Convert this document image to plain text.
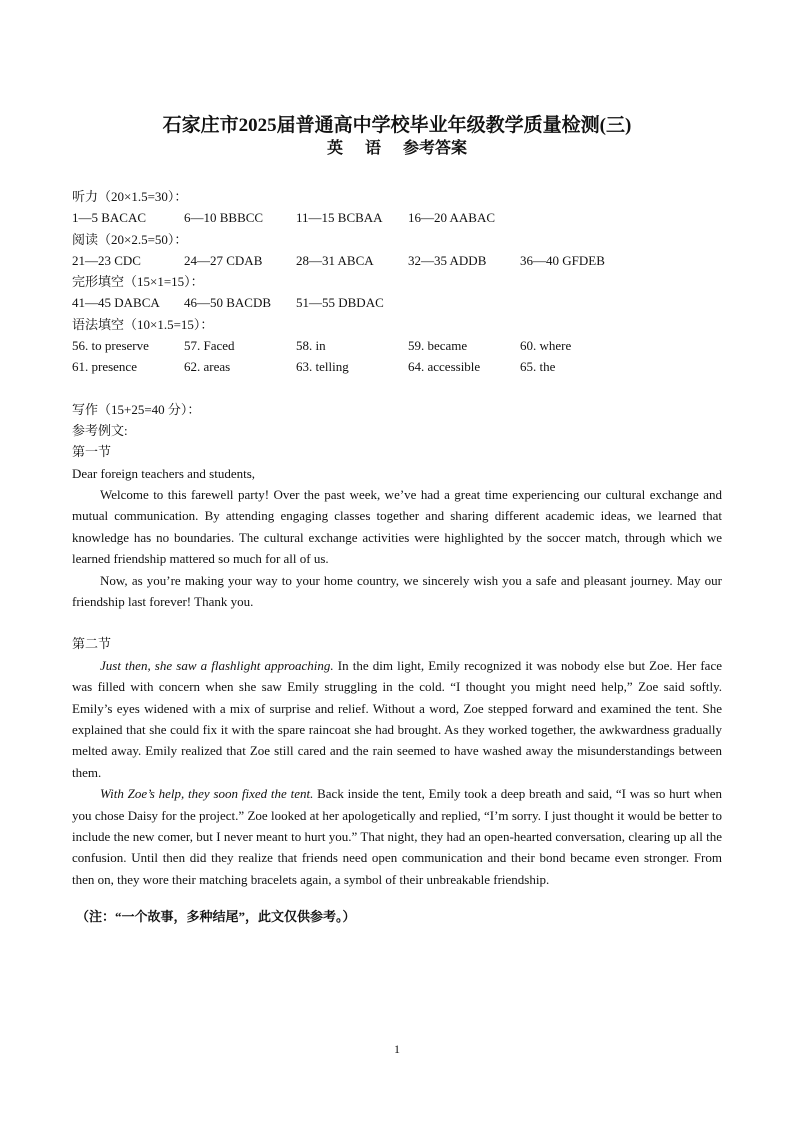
石家庄市2025届普通高中学校毕业年级教学质量检测(三)
英 语 参考答案
听力（20×1.5=30）：
1—5 BACAC	6—10 BBBCC	11—15 BCBAA	16—20 AABAC
阅读（20×2.5=50）：
21—23 CDC	24—27 CDAB	28—31 ABCA	32—35 ADDB	36—40 GFDEB
完形填空（15×1=15）：
41—45 DABCA	46—50 BACDB	51—55 DBDAC
语法填空（10×1.5=15）：
56. to preserve	57. Faced	58. in	59. became	60. where
61. presence	62. areas	63. telling	64. accessible	65. the
写作（15+25=40 分）：
参考例文:
第一节

Dear foreign teachers and students,

Welcome to this farewell party! Over the past week, we’ve had a great time experiencing our cultural exchange and mutual communication. By attending engaging classes together and sharing different academic ideas, we learned that knowledge has no boundaries. The cultural exchange activities were highlighted by the soccer match, through which we learned friendship mattered so much for all of us.

Now, as you’re making your way to your home country, we sincerely wish you a safe and pleasant journey. May our friendship last forever! Thank you.

第二节

Just then, she saw a flashlight approaching. In the dim light, Emily recognized it was nobody else but Zoe. Her face was filled with concern when she saw Emily struggling in the cold. “I thought you might need help,” Zoe said softly. Emily’s eyes widened with a mix of surprise and relief. Without a word, Zoe stepped forward and examined the tent. She explained that she could fix it with the spare raincoat she had brought. As they worked together, the awkwardness gradually melted away. Emily realized that Zoe still cared and the rain seemed to have washed away the misunderstandings between them.

With Zoe’s help, they soon fixed the tent. Back inside the tent, Emily took a deep breath and said, “I was so hurt when you chose Daisy for the project.” Zoe looked at her apologetically and replied, “I’m sorry. I just thought it would be better to include the new comer, but I never meant to hurt you.” That night, they had an open-hearted conversation, clearing up all the confusion. Until then did they realize that friends need open communication and their bond became even stronger. From then on, they wore their matching bracelets again, a symbol of their unbreakable friendship.

（注：“一个故事，多种结尾”，此文仅供参考。）

1
